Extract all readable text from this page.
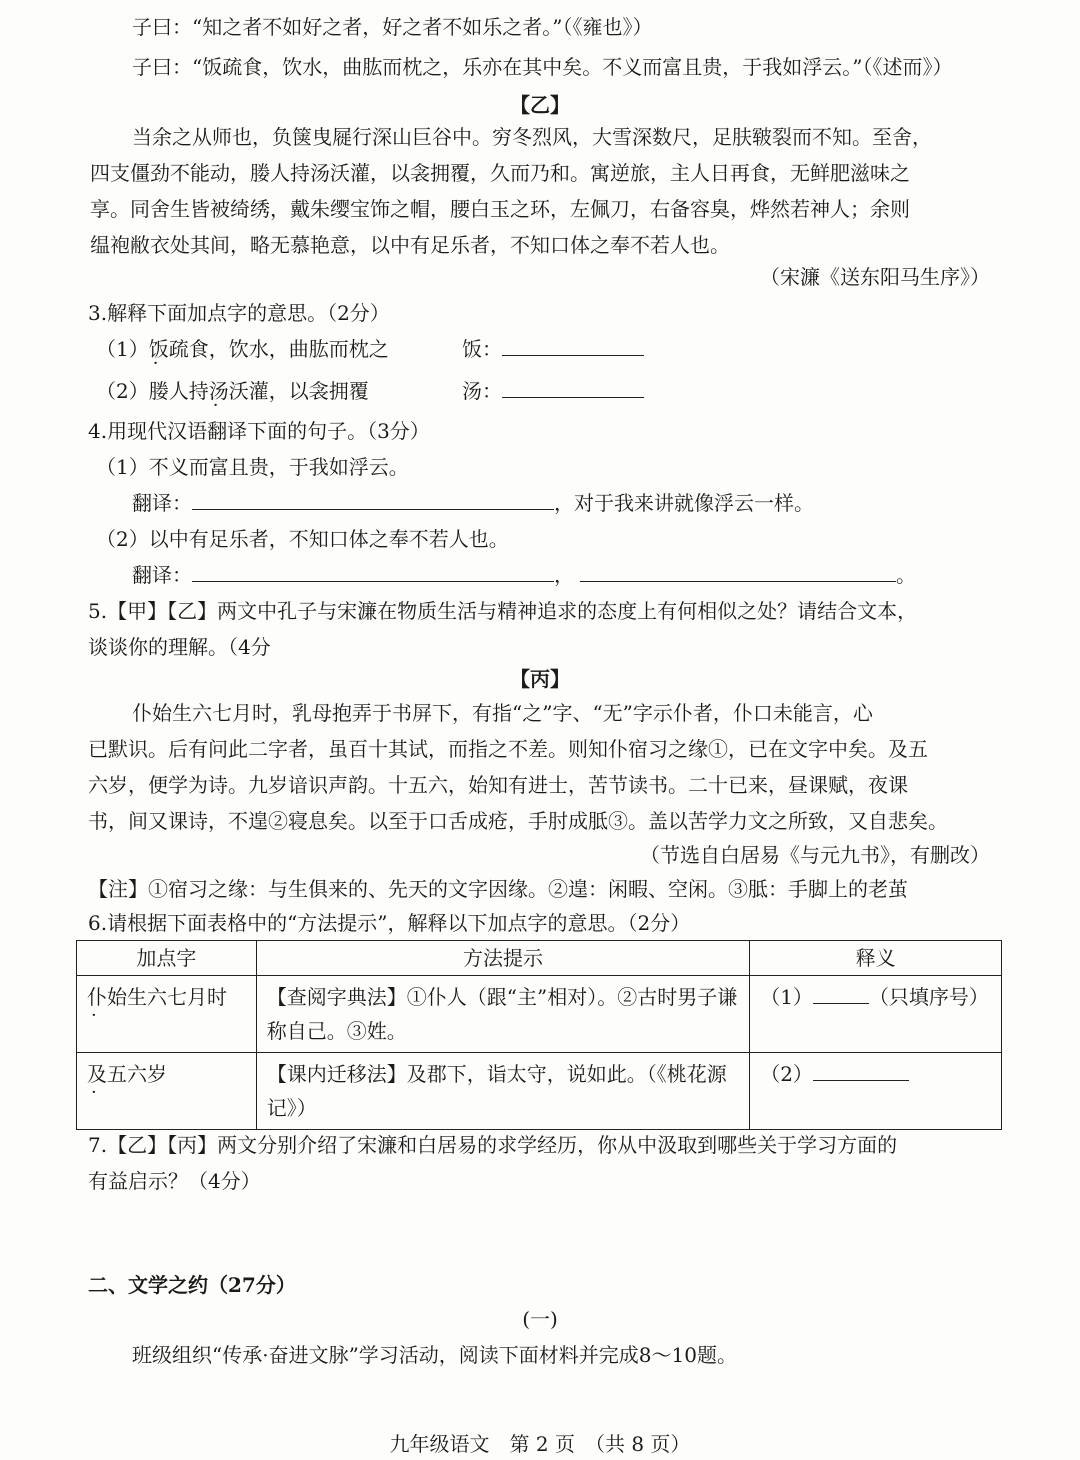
子曰：“知之者不如好之者，好之者不如乐之者。”（《雍也》）
子曰：“饭疏食，饮水，曲肱而枕之，乐亦在其中矣。不义而富且贵，于我如浮云。”（《述而》）
【乙】
当余之从师也，负箧曳屣行深山巨谷中。穷冬烈风，大雪深数尺，足肤皲裂而不知。至舍，
四支僵劲不能动，媵人持汤沃灌，以衾拥覆，久而乃和。寓逆旅，主人日再食，无鲜肥滋味之
享。同舍生皆被绮绣，戴朱缨宝饰之帽，腰白玉之环，左佩刀，右备容臭，烨然若神人；余则
缊袍敝衣处其间，略无慕艳意，以中有足乐者，不知口体之奉不若人也。
（宋濂《送东阳马生序》）
3.解释下面加点字的意思。（2分）
（1）饭疏食，饮水，曲肱而枕之	饭：
（2）媵人持汤沃灌，以衾拥覆	汤：
4.用现代汉语翻译下面的句子。（3分）
（1）不义而富且贵，于我如浮云。
翻译：	，对于我来讲就像浮云一样。
（2）以中有足乐者，不知口体之奉不若人也。
翻译：	，	。
5.【甲】【乙】两文中孔子与宋濂在物质生活与精神追求的态度上有何相似之处？请结合文本，
谈谈你的理解。（4分
【丙】
仆始生六七月时，乳母抱弄于书屏下，有指“之”字、“无”字示仆者，仆口未能言，心
已默识。后有问此二字者，虽百十其试，而指之不差。则知仆宿习之缘①，已在文字中矣。及五
六岁，便学为诗。九岁谙识声韵。十五六，始知有进士，苦节读书。二十已来，昼课赋，夜课
书，间又课诗，不遑②寝息矣。以至于口舌成疮，手肘成胝③。盖以苦学力文之所致，又自悲矣。
（节选自白居易《与元九书》，有删改）
【注】①宿习之缘：与生俱来的、先天的文字因缘。②遑：闲暇、空闲。③胝：手脚上的老茧
6.请根据下面表格中的“方法提示”，解释以下加点字的意思。（2分）
加点字	方法提示	释义
仆始生六七月时	【查阅字典法】①仆人（跟“主”相对）。②古时男子谦称自己。③姓。	（1） （只填序号）
及五六岁	【课内迁移法】及郡下，诣太守，说如此。（《桃花源记》）	（2）
7.【乙】【丙】两文分别介绍了宋濂和白居易的求学经历，你从中汲取到哪些关于学习方面的
有益启示？（4分）
二、文学之约（27分）
(一)
班级组织“传承·奋进文脉”学习活动，阅读下面材料并完成8～10题。
九年级语文　第 2 页　（共 8 页）
